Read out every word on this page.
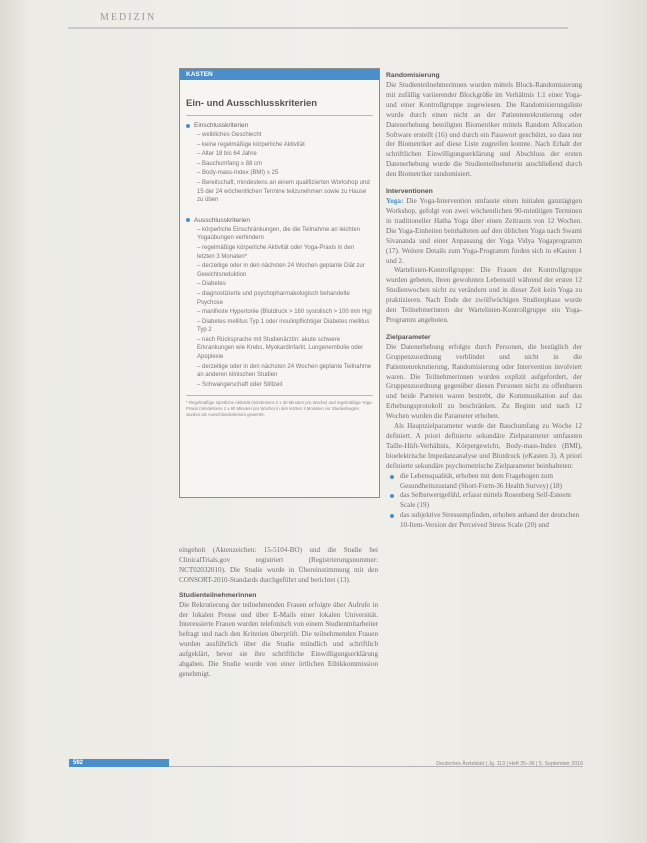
MEDIZIN
KASTEN
Ein- und Ausschlusskriterien
Einschlusskriterien
– weibliches Geschlecht
– keine regelmäßige körperliche Aktivität
– Alter 18 bis 64 Jahre
– Bauchumfang ≥ 88 cm
– Body-mass-Index (BMI) ≥ 25
– Bereitschaft, mindestens an einem qualifizierten Workshop und 15 der 24 wöchentlichen Termine teilzunehmen sowie zu Hause zu üben
Ausschlusskriterien
– körperliche Einschränkungen, die die Teilnahme an leichten Yogaübungen verhindern
– regelmäßige körperliche Aktivität oder Yoga-Praxis in den letzten 3 Monaten*
– derzeitige oder in den nächsten 24 Wochen geplante Diät zur Gewichtsreduktion
– Diabetes
– diagnostizierte und psychopharmakologisch behandelte Psychose
– manifeste Hypertonie (Blutdruck > 160 systolisch > 100 mm Hg)
– Diabetes mellitus Typ 1 oder insulinpflichtiger Diabetes mellitus Typ 2
– nach Rücksprache mit Studienärztin: akute schwere Erkrankungen wie Krebs, Myokardinfarkt, Lungenembolie oder Apoplexie
– derzeitige oder in den nächsten 24 Wochen geplante Teilnahme an anderen klinischen Studien
– Schwangerschaft oder Stillzeit
* Regelmäßige sportliche Aktivität (mindestens 2 x 30 Minuten pro Woche) und regelmäßige Yoga-Praxis (mindestens 1 x 60 Minuten pro Woche) in den letzten 3 Monaten vor Studienbeginn wurden als Ausschlusskriterium gewertet.

eingeholt (Aktenzeichen: 15-5104-BO) und die Studie bei ClinicalTrials.gov registriert (Registrierungsnummer: NCT02032010). Die Studie wurde in Übereinstimmung mit den CONSORT-2010-Standards durchgeführt und berichtet (13).

Studienteilnehmerinnen

Die Rekrutierung der teilnehmenden Frauen erfolgte über Aufrufe in der lokalen Presse und über E-Mails einer lokalen Universität. Interessierte Frauen wurden telefonisch von einem Studienmitarbeiter befragt und nach den Kriterien überprüft. Die teilnehmenden Frauen wurden ausführlich über die Studie mündlich und schriftlich aufgeklärt, bevor sie ihre schriftliche Einwilligungserklärung abgaben. Die Studie wurde von einer örtlichen Ethikkommission genehmigt.

Randomisierung

Die Studienteilnehmerinnen wurden mittels Block-Randomisierung mit zufällig variierender Blockgröße im Verhältnis 1:1 einer Yoga- und einer Kontrollgruppe zugewiesen. Die Randomisierungsliste wurde durch einen nicht an der Patientenrekrutierung oder Datenerhebung beteiligten Biometriker mittels Random Allocation Software erstellt (16) und durch ein Passwort geschützt, so dass nur der Biometriker auf diese Liste zugreifen konnte. Nach Erhalt der schriftlichen Einwilligungserklärung und Abschluss der ersten Datenerhebung wurde die Studienteilnehmerin anschließend durch den Biometriker randomisiert.

Interventionen

Yoga: Die Yoga-Intervention umfasste einen initialen ganztägigen Workshop, gefolgt von zwei wöchentlichen 90-minütigen Terminen in traditioneller Hatha Yoga über einen Zeitraum von 12 Wochen. Die Yoga-Einheiten beinhalteten auf den üblichen Yoga nach Swami Sivananda und einer Anpassung der Yoga Vidya Yogaprogramm (17). Weitere Details zum Yoga-Programm finden sich in eKasten 1 und 2.

Wartelisten-Kontrollgruppe: Die Frauen der Kontrollgruppe wurden gebeten, ihren gewohnten Lebensstil während der ersten 12 Studienwochen nicht zu verändern und in dieser Zeit kein Yoga zu praktizieren. Nach Ende der zwölfwöchigen Studienphase wurde den Teilnehmerinnen der Wartelisten-Kontrollgruppe ein Yoga-Programm angeboten.

Zielparameter

Die Datenerhebung erfolgte durch Personen, die bezüglich der Gruppenzuordnung verblindet und nicht in die Patientenrekrutierung, Randomisierung oder Intervention involviert waren. Die Teilnehmerinnen wurden explizit aufgefordert, der Gruppenzuordnung gegenüber diesen Personen nicht zu offenbaren und beide Parteien waren bestrebt, die Kommunikation auf das Erhebungsprotokoll zu beschränken. Zu Beginn und nach 12 Wochen wurden die Parameter erhoben.

Als Hauptzielparameter wurde der Bauchumfang zu Woche 12 definiert. A priori definierte sekundäre Zielparameter umfassten Taille-Hüft-Verhältnis, Körpergewicht, Body-mass-Index (BMI), bioelektrische Impedanzanalyse und Blutdruck (eKasten 3). A priori definierte sekundäre psychometrische Zielparameter beinhalteten:

die Lebensqualität, erhoben mit dem Fragebogen zum Gesundheitszustand (Short-Form-36 Health Survey) (18)
das Selbstwertgefühl, erfasst mittels Rosenberg Self-Esteem Scale (19)
das subjektive Stressempfinden, erhoben anhand der deutschen 10-Item-Version der Perceived Stress Scale (20) und
592	Deutsches Ärzteblatt | Jg. 113 | Heft 35–36 | 5. September 2016
